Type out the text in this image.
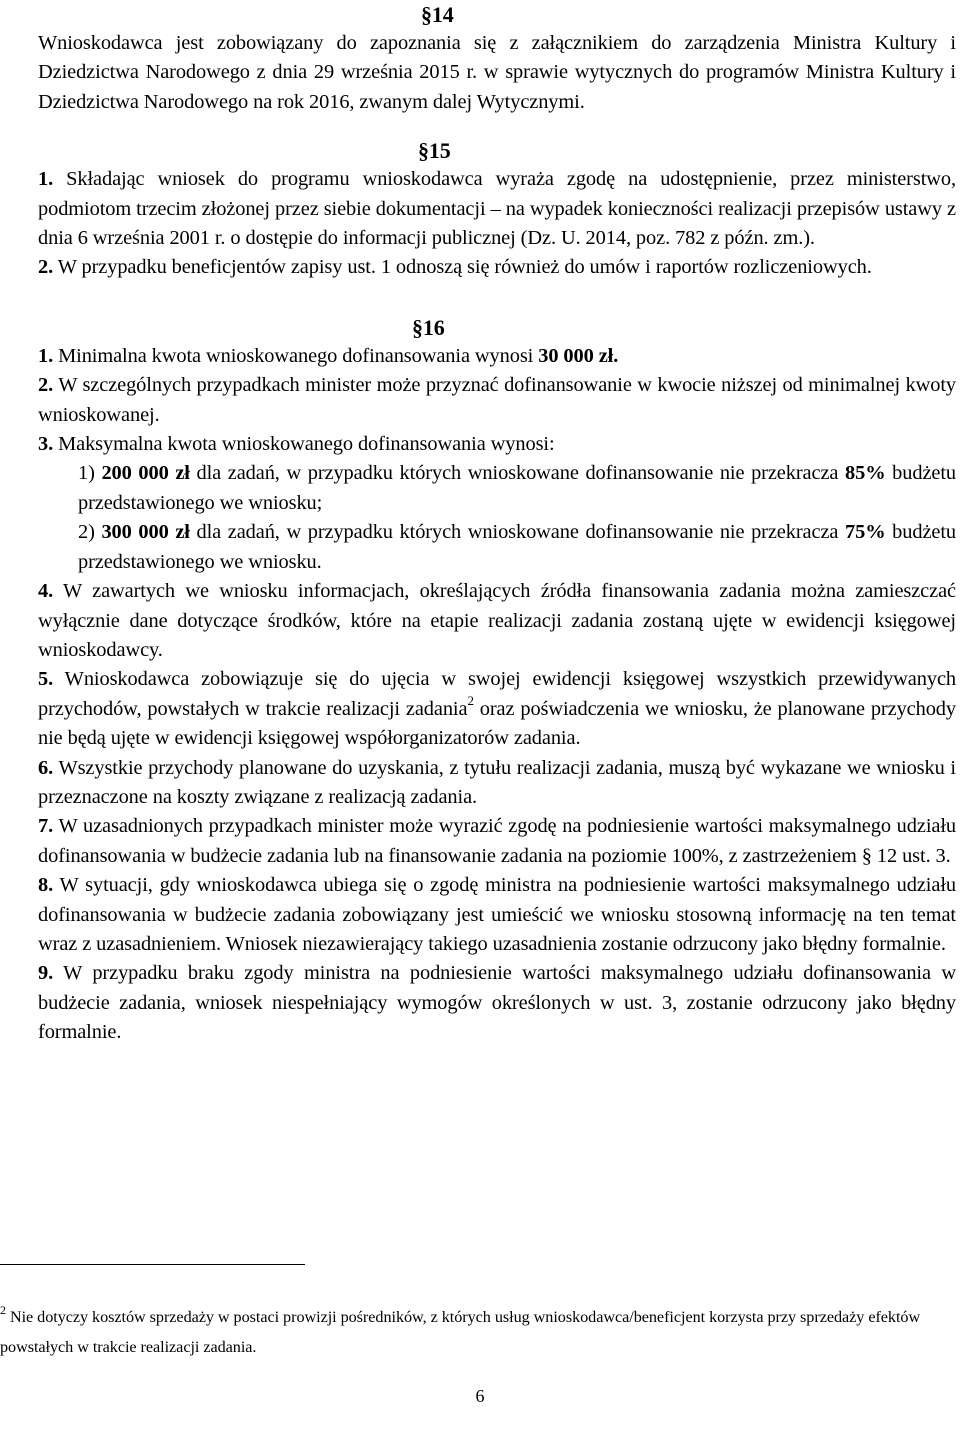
§14

Wnioskodawca jest zobowiązany do zapoznania się z załącznikiem do zarządzenia Ministra Kultury i Dziedzictwa Narodowego z dnia 29 września 2015 r. w sprawie wytycznych do programów Ministra Kultury i Dziedzictwa Narodowego na rok 2016, zwanym dalej Wytycznymi.

§15

1. Składając wniosek do programu wnioskodawca wyraża zgodę na udostępnienie, przez ministerstwo, podmiotom trzecim złożonej przez siebie dokumentacji – na wypadek konieczności realizacji przepisów ustawy z dnia 6 września 2001 r. o dostępie do informacji publicznej (Dz. U. 2014, poz. 782 z późn. zm.).

2. W przypadku beneficjentów zapisy ust. 1 odnoszą się również do umów i raportów rozliczeniowych.

§16

1. Minimalna kwota wnioskowanego dofinansowania wynosi 30 000 zł.

2. W szczególnych przypadkach minister może przyznać dofinansowanie w kwocie niższej od minimalnej kwoty wnioskowanej.

3. Maksymalna kwota wnioskowanego dofinansowania wynosi:

1) 200 000 zł dla zadań, w przypadku których wnioskowane dofinansowanie nie przekracza 85% budżetu przedstawionego we wniosku;

2) 300 000 zł dla zadań, w przypadku których wnioskowane dofinansowanie nie przekracza 75% budżetu przedstawionego we wniosku.

4. W zawartych we wniosku informacjach, określających źródła finansowania zadania można zamieszczać wyłącznie dane dotyczące środków, które na etapie realizacji zadania zostaną ujęte w ewidencji księgowej wnioskodawcy.

5. Wnioskodawca zobowiązuje się do ujęcia w swojej ewidencji księgowej wszystkich przewidywanych przychodów, powstałych w trakcie realizacji zadania$^2$ oraz poświadczenia we wniosku, że planowane przychody nie będą ujęte w ewidencji księgowej współorganizatorów zadania.

6. Wszystkie przychody planowane do uzyskania, z tytułu realizacji zadania, muszą być wykazane we wniosku i przeznaczone na koszty związane z realizacją zadania.

7. W uzasadnionych przypadkach minister może wyrazić zgodę na podniesienie wartości maksymalnego udziału dofinansowania w budżecie zadania lub na finansowanie zadania na poziomie 100%, z zastrzeżeniem § 12 ust. 3.

8. W sytuacji, gdy wnioskodawca ubiega się o zgodę ministra na podniesienie wartości maksymalnego udziału dofinansowania w budżecie zadania zobowiązany jest umieścić we wniosku stosowną informację na ten temat wraz z uzasadnieniem. Wniosek niezawierający takiego uzasadnienia zostanie odrzucony jako błędny formalnie.

9. W przypadku braku zgody ministra na podniesienie wartości maksymalnego udziału dofinansowania w budżecie zadania, wniosek niespełniający wymogów określonych w ust. 3, zostanie odrzucony jako błędny formalnie.

$^2$ Nie dotyczy kosztów sprzedaży w postaci prowizji pośredników, z których usług wnioskodawca/beneficjent korzysta przy sprzedaży efektów powstałych w trakcie realizacji zadania.
6
